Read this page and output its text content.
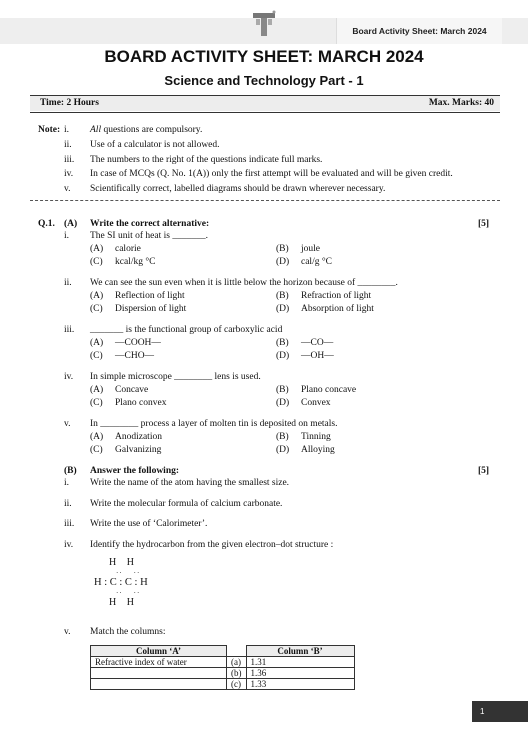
Board Activity Sheet: March 2024
BOARD ACTIVITY SHEET: MARCH 2024
Science and Technology Part - 1
Time: 2 Hours	Max. Marks: 40
Note: i. All questions are compulsory.
ii. Use of a calculator is not allowed.
iii. The numbers to the right of the questions indicate full marks.
iv. In case of MCQs (Q. No. 1(A)) only the first attempt will be evaluated and will be given credit.
v. Scientifically correct, labelled diagrams should be drawn wherever necessary.
Q.1. (A) Write the correct alternative:	[5]
i. The SI unit of heat is _______.
(A) calorie	(B) joule
(C) kcal/kg °C	(D) cal/g °C
ii. We can see the sun even when it is little below the horizon because of ________.
(A) Reflection of light	(B) Refraction of light
(C) Dispersion of light	(D) Absorption of light
iii. _______ is the functional group of carboxylic acid
(A) —COOH—	(B) —CO—
(C) —CHO—	(D) —OH—
iv. In simple microscope ________ lens is used.
(A) Concave	(B) Plano concave
(C) Plano convex	(D) Convex
v. In ________ process a layer of molten tin is deposited on metals.
(A) Anodization	(B) Tinning
(C) Galvanizing	(D) Alloying
(B) Answer the following:	[5]
i. Write the name of the atom having the smallest size.
ii. Write the molecular formula of calcium carbonate.
iii. Write the use of ‘Calorimeter’.
iv. Identify the hydrocarbon from the given electron–dot structure :
H H
··    ··
H : C : C : H
··    ··
H H
v. Match the columns:
Column ‘A’		Column ‘B’
Refractive index of water	(a)	1.31
	(b)	1.36
	(c)	1.33
1
